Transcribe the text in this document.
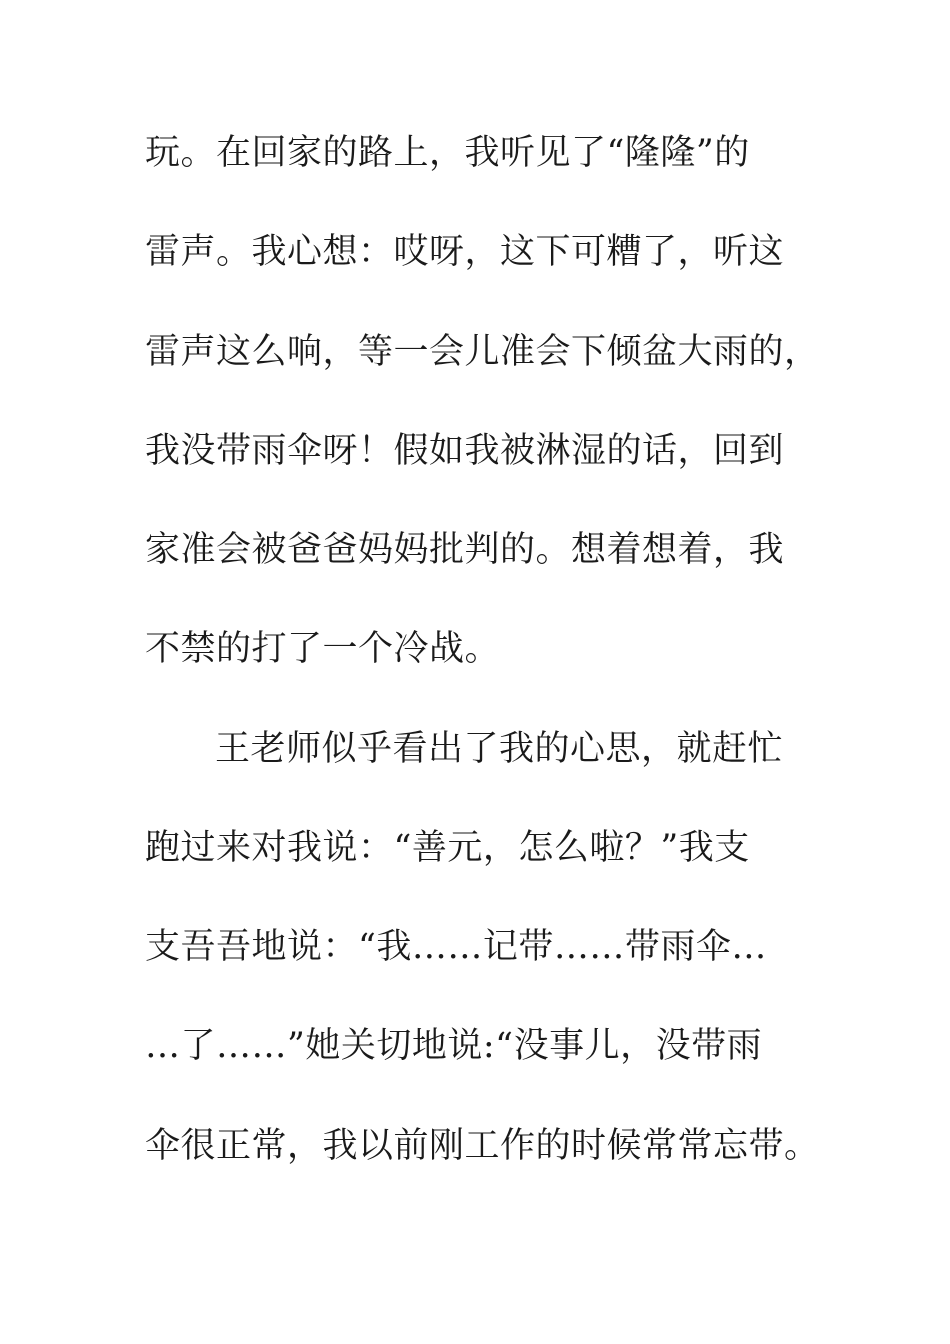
玩。在回家的路上，我听见了“隆隆”的
雷声。我心想：哎呀，这下可糟了，听这
雷声这么响，等一会儿准会下倾盆大雨的，
我没带雨伞呀！假如我被淋湿的话，回到
家准会被爸爸妈妈批判的。想着想着，我
不禁的打了一个冷战。
王老师似乎看出了我的心思，就赶忙
跑过来对我说：“善元，怎么啦？”我支
支吾吾地说：“我……记带……带雨伞…
…了……”她关切地说:“没事儿，没带雨
伞很正常，我以前刚工作的时候常常忘带。
